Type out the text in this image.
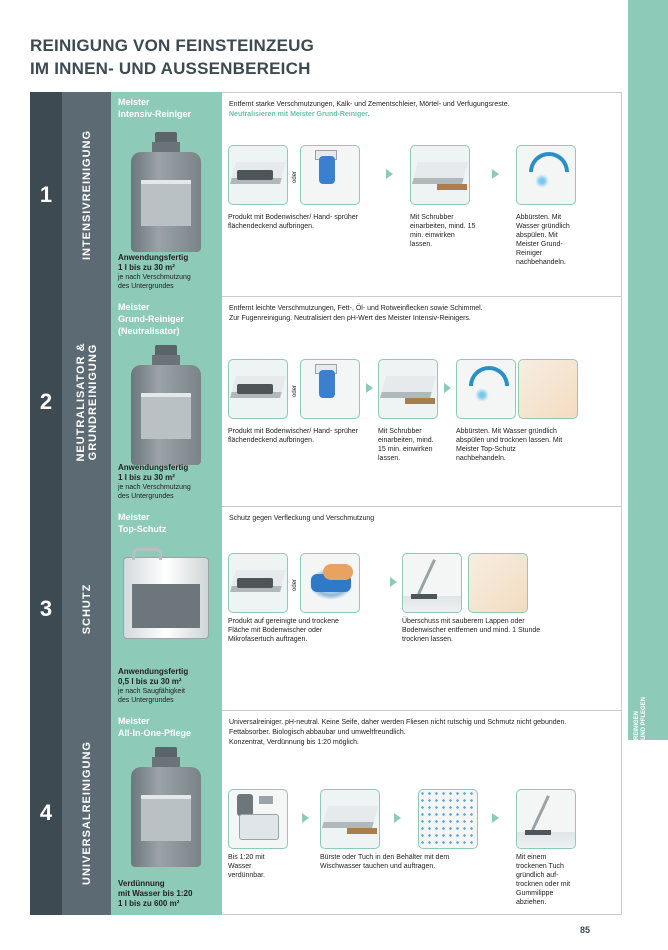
REINIGUNG VON FEINSTEINZEUG
IM INNEN- UND AUSSENBEREICH
REINIGEN UND PFLEGEN
1	INTENSIVREINIGUNG
Meister
Intensiv-Reiniger
Anwendungsfertig
1 l bis zu 30 m²
je nach Verschmutzung
des Untergrundes
Entfernt starke Verschmutzungen, Kalk- und Zementschleier, Mörtel- und Verfugungsreste.
Neutralisieren mit Meister Grund-Reiniger.
oder
Produkt mit Bodenwischer/ Hand- sprüher flächendeckend aufbringen.
Mit Schrubber einarbeiten, mind. 15 min. einwirken lassen.
Abbürsten. Mit Wasser gründlich abspülen. Mit Meister Grund-Reiniger nachbehandeln.
2	NEUTRALISATOR & GRUNDREINIGUNG
Meister
Grund-Reiniger
(Neutralisator)
Anwendungsfertig
1 l bis zu 30 m²
je nach Verschmutzung
des Untergrundes
Entfernt leichte Verschmutzungen, Fett-, Öl- und Rotweinflecken sowie Schimmel.
Zur Fugenreinigung. Neutralisiert den pH-Wert des Meister Intensiv-Reinigers.
oder
Produkt mit Bodenwischer/ Hand- sprüher flächendeckend aufbringen.
Mit Schrubber einarbeiten, mind. 15 min. einwirken lassen.
Abbürsten. Mit Wasser gründlich abspülen und trocknen lassen. Mit Meister Top-Schutz nachbehandeln.
3	SCHUTZ
Meister
Top-Schutz
Anwendungsfertig
0,5 l bis zu 30 m²
je nach Saugfähigkeit
des Untergrundes
Schutz gegen Verfleckung und Verschmutzung
oder
Produkt auf gereinigte und trockene Fläche mit Bodenwischer oder Mikrofasertuch auftragen.
Überschuss mit sauberem Lappen oder Bodenwischer entfernen und mind. 1 Stunde trocknen lassen.
4	UNIVERSALREINIGUNG
Meister
All-In-One-Pflege
Verdünnung
mit Wasser bis 1:20
1 l bis zu 600 m²
Universalreiniger. pH-neutral. Keine Seife, daher werden Fliesen nicht rutschig und Schmutz nicht gebunden.
Fettabsorber. Biologisch abbaubar und umweltfreundlich.
Konzentrat, Verdünnung bis 1:20 möglich.
Bis 1:20 mit Wasser verdünnbar.
Bürste oder Tuch in den Behälter mit dem Wischwasser tauchen und auftragen.
Mit einem trockenen Tuch gründlich auf- trocknen oder mit Gummilippe abziehen.
85
